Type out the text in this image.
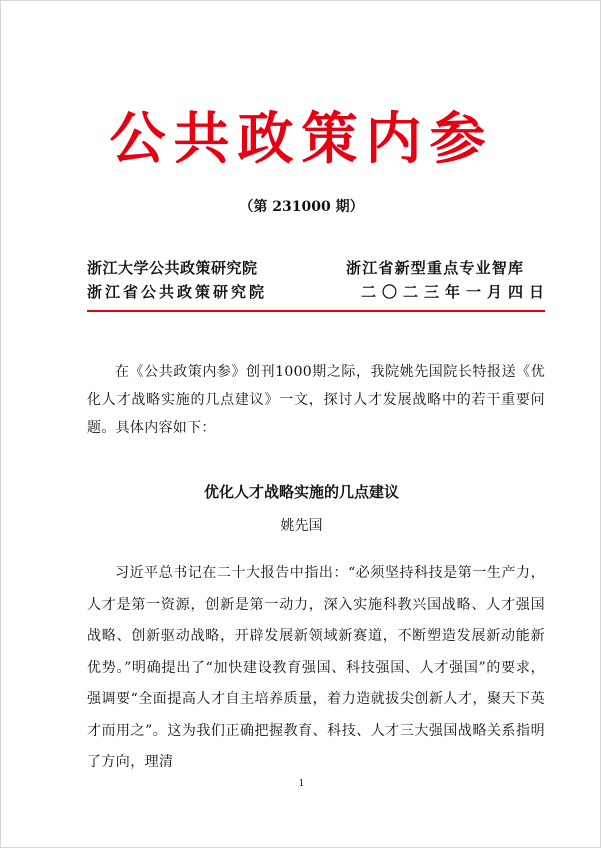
公共政策内参
（第 231000 期）
浙江大学公共政策研究院
浙江省公共政策研究院
浙江省新型重点专业智库
二〇二三年一月四日

在《公共政策内参》创刊1000期之际，我院姚先国院长特报送《优化人才战略实施的几点建议》一文，探讨人才发展战略中的若干重要问题。具体内容如下：

优化人才战略实施的几点建议
姚先国

习近平总书记在二十大报告中指出：“必须坚持科技是第一生产力，人才是第一资源，创新是第一动力，深入实施科教兴国战略、人才强国战略、创新驱动战略，开辟发展新领域新赛道，不断塑造发展新动能新优势。”明确提出了“加快建设教育强国、科技强国、人才强国”的要求，强调要“全面提高人才自主培养质量，着力造就拔尖创新人才，聚天下英才而用之”。这为我们正确把握教育、科技、人才三大强国战略关系指明了方向，理清

1
